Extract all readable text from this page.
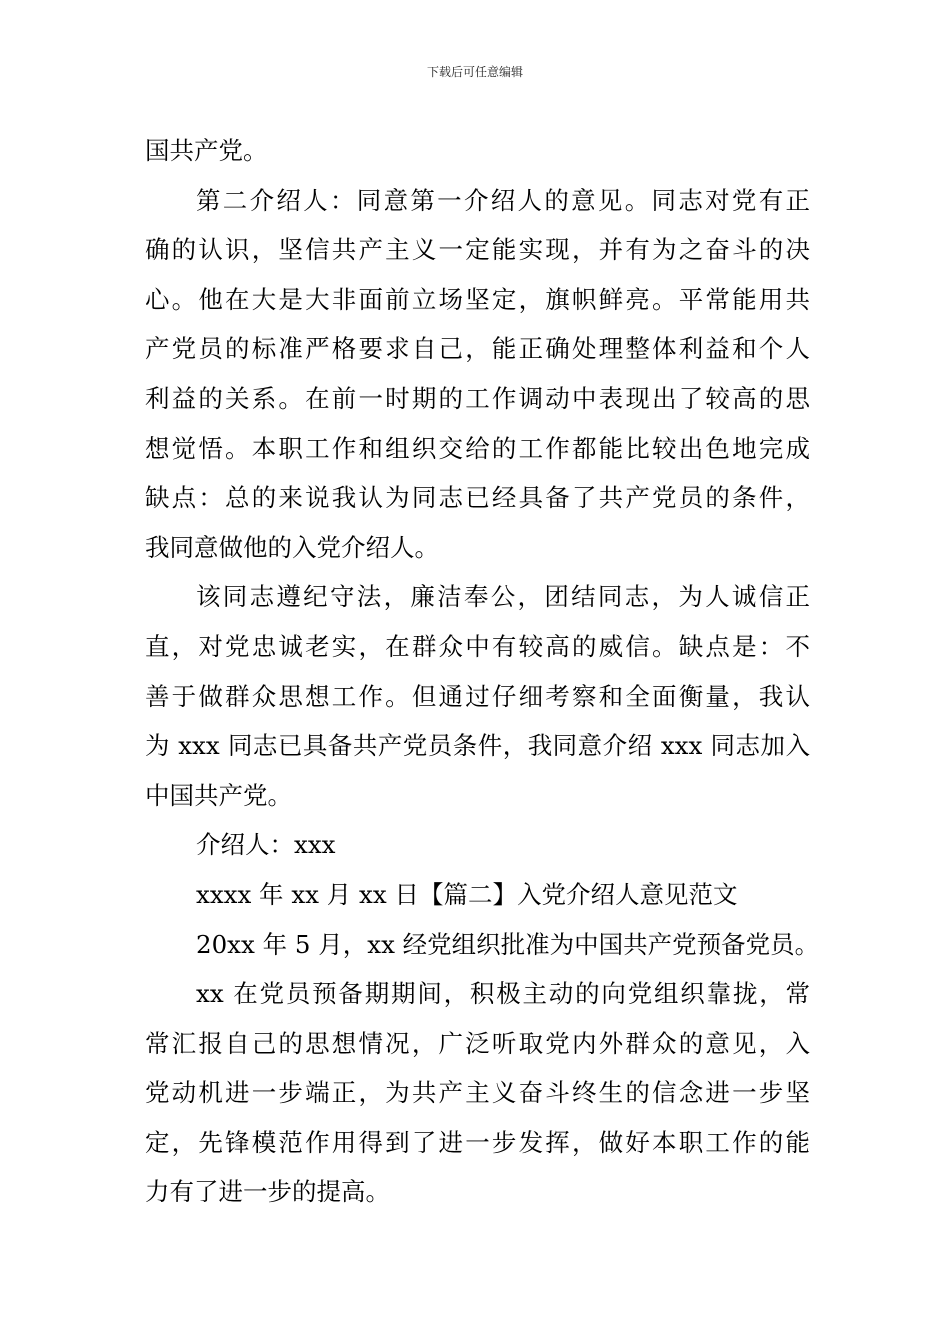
下载后可任意编辑
国共产党。
第二介绍人：同意第一介绍人的意见。同志对党有正
确的认识，坚信共产主义一定能实现，并有为之奋斗的决
心。他在大是大非面前立场坚定，旗帜鲜亮。平常能用共
产党员的标准严格要求自己，能正确处理整体利益和个人
利益的关系。在前一时期的工作调动中表现出了较高的思
想觉悟。本职工作和组织交给的工作都能比较出色地完成
缺点：总的来说我认为同志已经具备了共产党员的条件，
我同意做他的入党介绍人。
该同志遵纪守法，廉洁奉公，团结同志，为人诚信正
直，对党忠诚老实，在群众中有较高的威信。缺点是：不
善于做群众思想工作。但通过仔细考察和全面衡量，我认
为 xxx 同志已具备共产党员条件，我同意介绍 xxx 同志加入
中国共产党。
介绍人：xxx
xxxx 年 xx 月 xx 日【篇二】入党介绍人意见范文
20xx 年 5 月，xx 经党组织批准为中国共产党预备党员。
xx 在党员预备期期间，积极主动的向党组织靠拢，常
常汇报自己的思想情况，广泛听取党内外群众的意见，入
党动机进一步端正，为共产主义奋斗终生的信念进一步坚
定，先锋模范作用得到了进一步发挥，做好本职工作的能
力有了进一步的提高。
